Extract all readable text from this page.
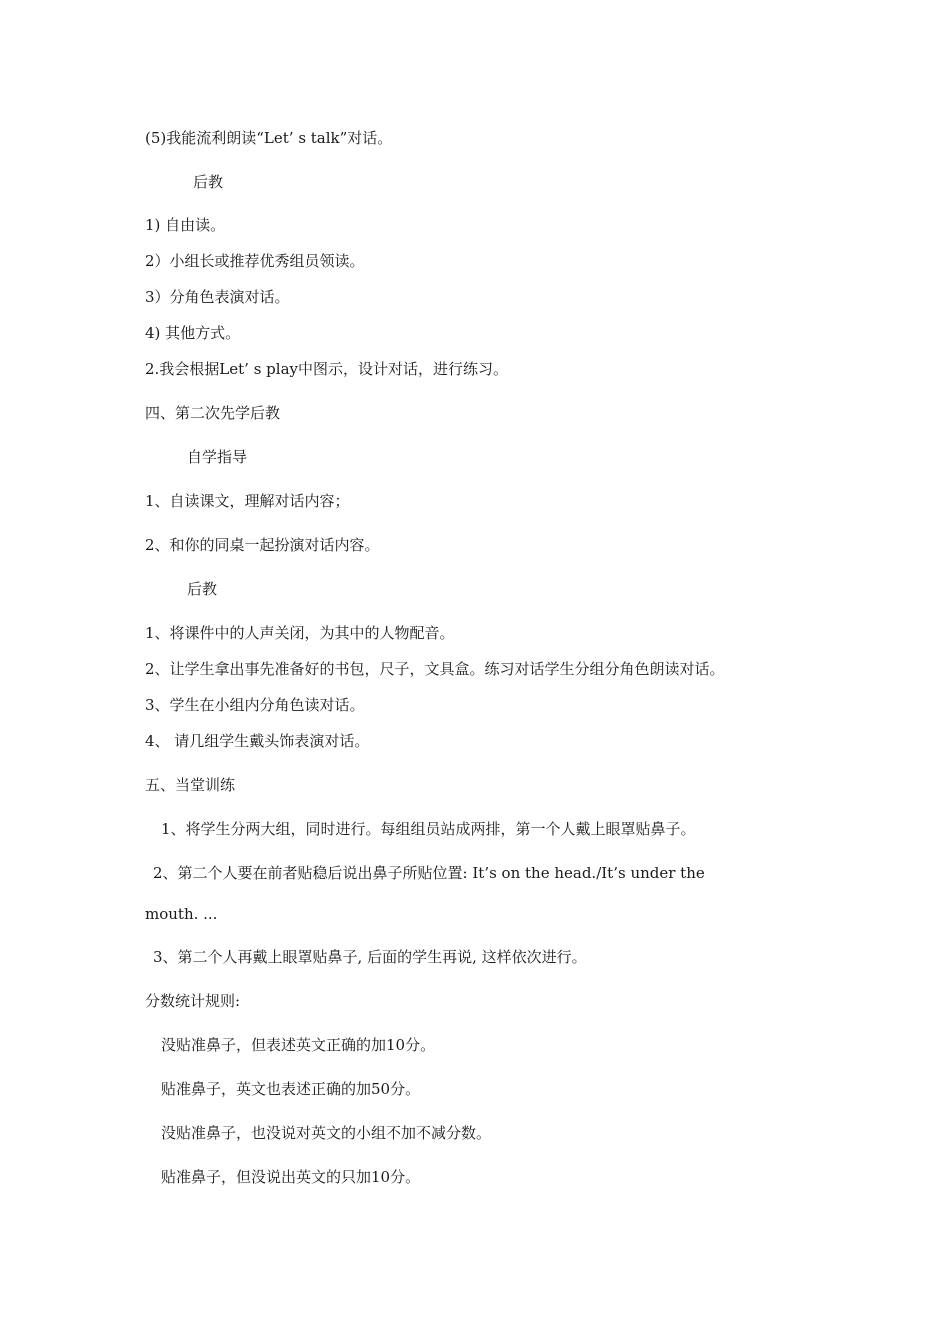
(5)我能流利朗读“Let’ s talk”对话。
后教
1) 自由读。
2）小组长或推荐优秀组员领读。
3）分角色表演对话。
4) 其他方式。
2.我会根据Let’ s play中图示，设计对话，进行练习。
四、第二次先学后教
自学指导
1、自读课文，理解对话内容；
2、和你的同桌一起扮演对话内容。
后教
1、将课件中的人声关闭，为其中的人物配音。
2、让学生拿出事先准备好的书包，尺子，文具盒。练习对话学生分组分角色朗读对话。
3、学生在小组内分角色读对话。
4、 请几组学生戴头饰表演对话。
五、当堂训练
1、将学生分两大组，同时进行。每组组员站成两排，第一个人戴上眼罩贴鼻子。
2、第二个人要在前者贴稳后说出鼻子所贴位置: It’s on the head./It’s under the
mouth. ...
3、第二个人再戴上眼罩贴鼻子, 后面的学生再说, 这样依次进行。
分数统计规则:
没贴准鼻子，但表述英文正确的加10分。
贴准鼻子，英文也表述正确的加50分。
没贴准鼻子，也没说对英文的小组不加不减分数。
贴准鼻子，但没说出英文的只加10分。
